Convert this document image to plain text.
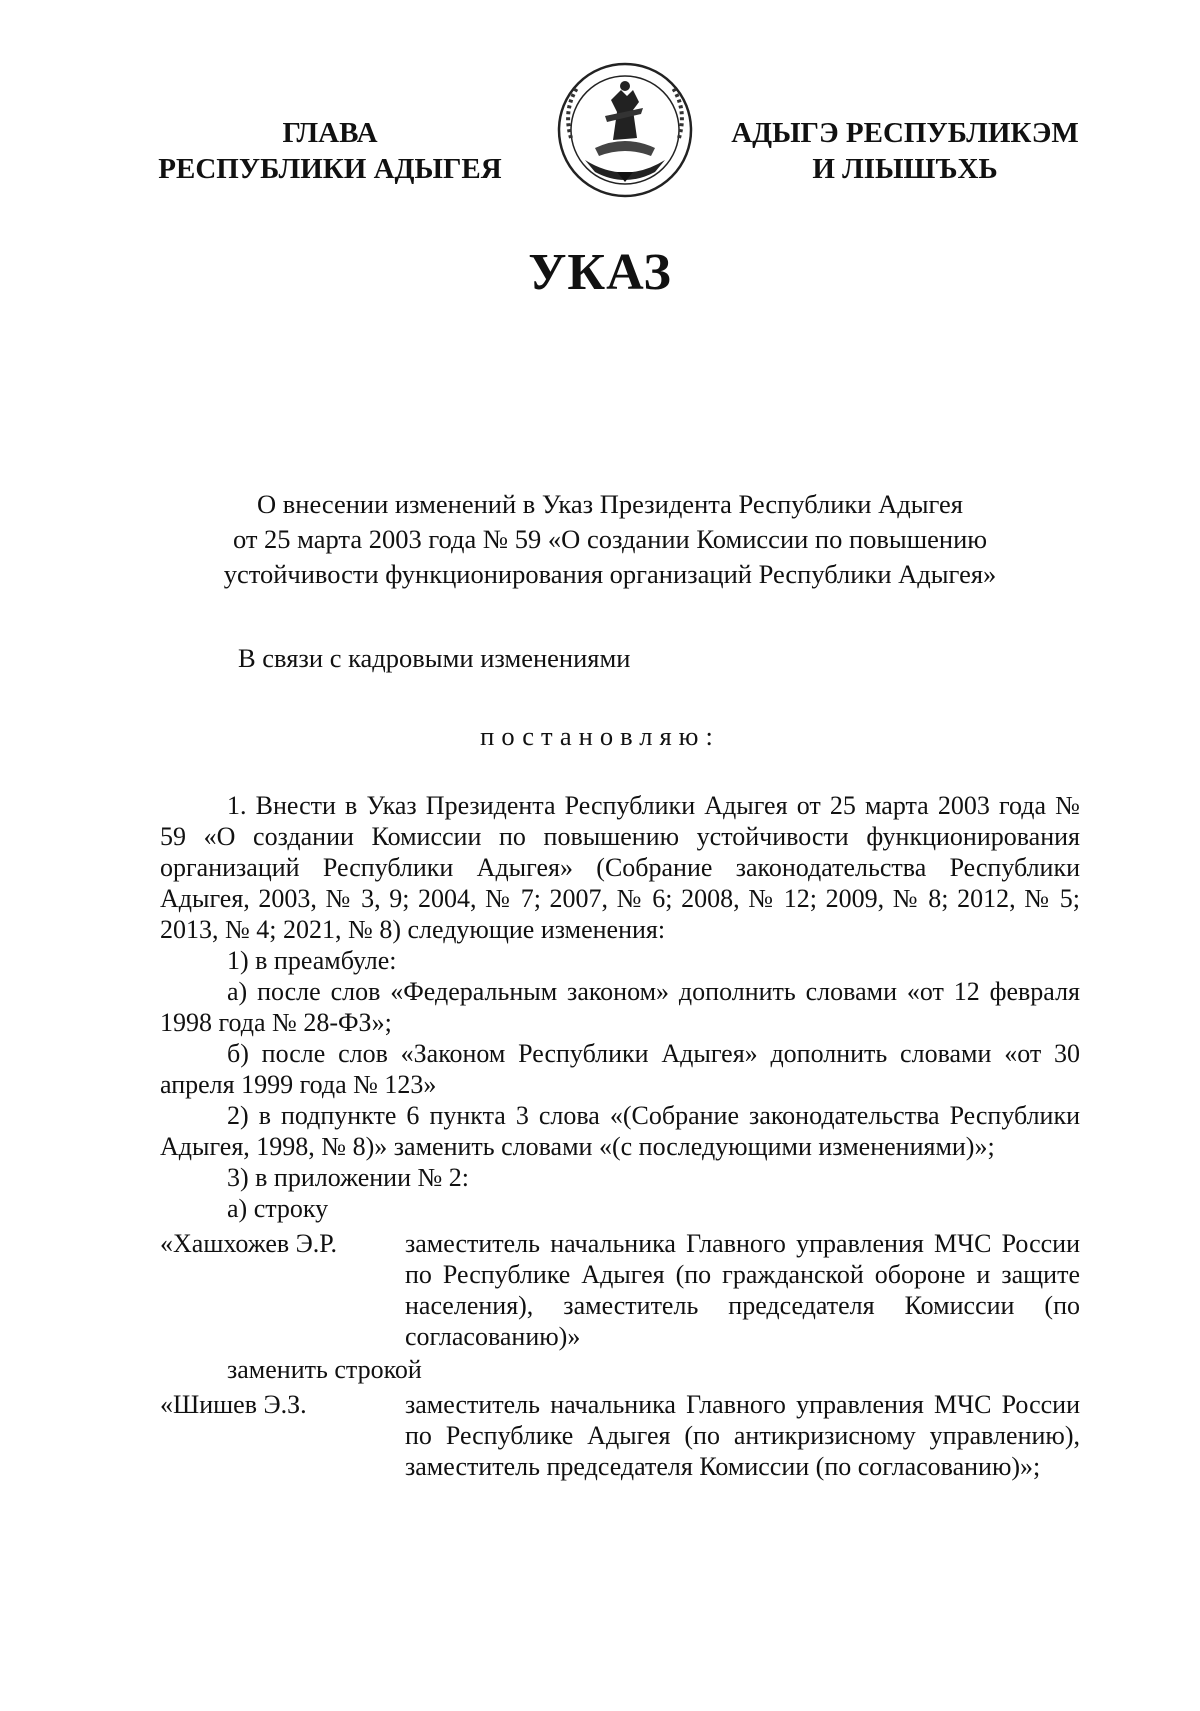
ГЛАВА
РЕСПУБЛИКИ АДЫГЕЯ
АДЫГЭ РЕСПУБЛИКЭМ
И ЛІЫШЪХЬ
УКАЗ
О внесении изменений в Указ Президента Республики Адыгея
от 25 марта 2003 года № 59 «О создании Комиссии по повышению
устойчивости функционирования организаций Республики Адыгея»
В связи с кадровыми изменениями
постановляю:

1. Внести в Указ Президента Республики Адыгея от 25 марта 2003 года № 59 «О создании Комиссии по повышению устойчивости функционирования организаций Республики Адыгея» (Собрание законодательства Республики Адыгея, 2003, № 3, 9; 2004, № 7; 2007, № 6; 2008, № 12; 2009, № 8; 2012, № 5; 2013, № 4; 2021, № 8) следующие изменения:

1) в преамбуле:

а) после слов «Федеральным законом» дополнить словами «от 12 февраля 1998 года № 28-ФЗ»;

б) после слов «Законом Республики Адыгея» дополнить словами «от 30 апреля 1999 года № 123»

2) в подпункте 6 пункта 3 слова «(Собрание законодательства Республики Адыгея, 1998, № 8)» заменить словами «(с последующими изменениями)»;

3) в приложении № 2:

а) строку

«Хашхожев Э.Р.	заместитель начальника Главного управления МЧС России по Республике Адыгея (по гражданской обороне и защите населения), заместитель председателя Комиссии (по согласованию)»

заменить строкой

«Шишев Э.З.	заместитель начальника Главного управления МЧС России по Республике Адыгея (по антикризисному управлению), заместитель председателя Комиссии (по согласованию)»;
